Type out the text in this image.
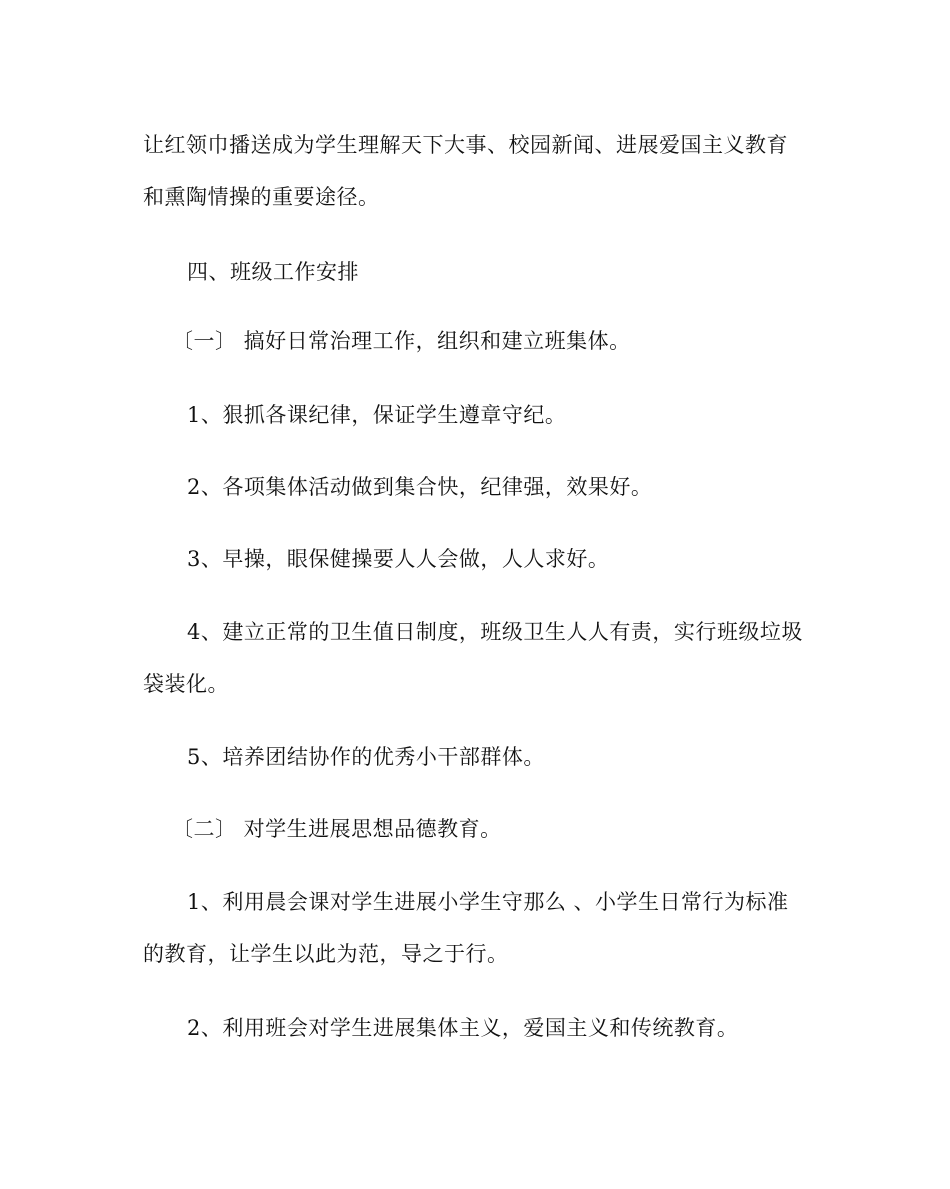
让红领巾播送成为学生理解天下大事、校园新闻、进展爱国主义教育
和熏陶情操的重要途径。
四、班级工作安排
〔一〕 搞好日常治理工作，组织和建立班集体。
1、狠抓各课纪律，保证学生遵章守纪。
2、各项集体活动做到集合快，纪律强，效果好。
3、早操，眼保健操要人人会做，人人求好。
4、建立正常的卫生值日制度，班级卫生人人有责，实行班级垃圾
袋装化。
5、培养团结协作的优秀小干部群体。
〔二〕 对学生进展思想品德教育。
1、利用晨会课对学生进展小学生守那么 、小学生日常行为标准
的教育，让学生以此为范，导之于行。
2、利用班会对学生进展集体主义，爱国主义和传统教育。
